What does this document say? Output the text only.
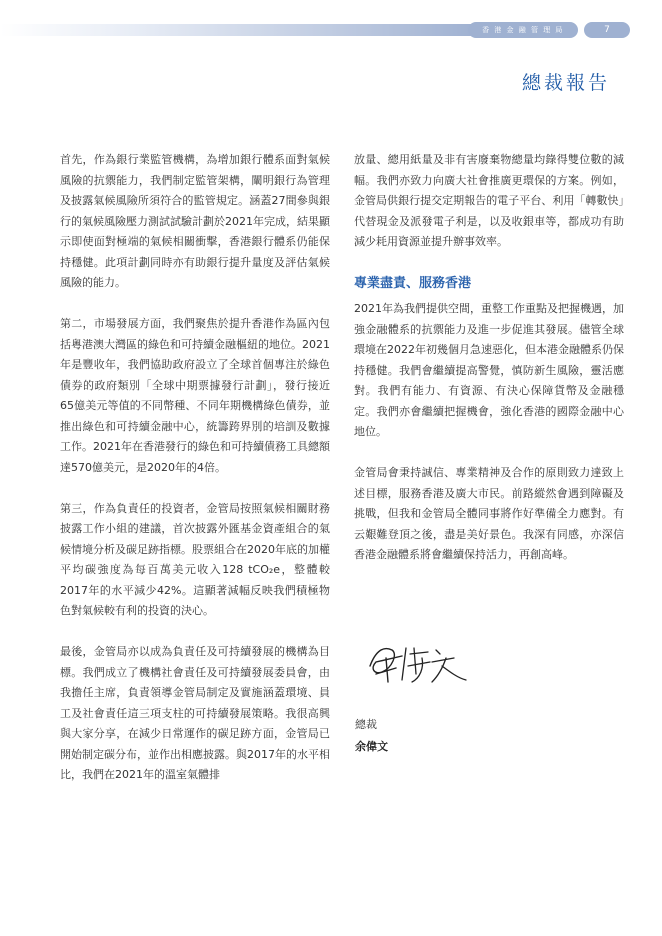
香 港 金 融 管 理 局	7
總裁報告

首先，作為銀行業監管機構，為增加銀行體系面對氣候風險的抗禦能力，我們制定監管架構，闡明銀行為管理及披露氣候風險所須符合的監管規定。涵蓋27間參與銀行的氣候風險壓力測試試驗計劃於2021年完成，結果顯示即使面對極端的氣候相關衝擊，香港銀行體系仍能保持穩健。此項計劃同時亦有助銀行提升量度及評估氣候風險的能力。

第二，市場發展方面，我們聚焦於提升香港作為區內包括粵港澳大灣區的綠色和可持續金融樞紐的地位。2021年是豐收年，我們協助政府設立了全球首個專注於綠色債券的政府類別「全球中期票據發行計劃」，發行接近65億美元等值的不同幣種、不同年期機構綠色債券，並推出綠色和可持續金融中心，統籌跨界別的培訓及數據工作。2021年在香港發行的綠色和可持續債務工具總額達570億美元，是2020年的4倍。

第三，作為負責任的投資者，金管局按照氣候相關財務披露工作小組的建議，首次披露外匯基金資產組合的氣候情境分析及碳足跡指標。股票組合在2020年底的加權平均碳強度為每百萬美元收入128 tCO₂e，整體較2017年的水平減少42%。這顯著減幅反映我們積極物色對氣候較有利的投資的決心。

最後，金管局亦以成為負責任及可持續發展的機構為目標。我們成立了機構社會責任及可持續發展委員會，由我擔任主席，負責領導金管局制定及實施涵蓋環境、員工及社會責任這三項支柱的可持續發展策略。我很高興與大家分享，在減少日常運作的碳足跡方面，金管局已開始制定碳分布，並作出相應披露。與2017年的水平相比，我們在2021年的溫室氣體排

放量、總用紙量及非有害廢棄物總量均錄得雙位數的減幅。我們亦致力向廣大社會推廣更環保的方案。例如，金管局供銀行提交定期報告的電子平台、利用「轉數快」代替現金及派發電子利是，以及收銀車等，都成功有助減少耗用資源並提升辦事效率。

專業盡責、服務香港

2021年為我們提供空間，重整工作重點及把握機遇，加強金融體系的抗禦能力及進一步促進其發展。儘管全球環境在2022年初幾個月急速惡化，但本港金融體系仍保持穩健。我們會繼續提高警覺，慎防新生風險，靈活應對。我們有能力、有資源、有決心保障貨幣及金融穩定。我們亦會繼續把握機會，強化香港的國際金融中心地位。

金管局會秉持誠信、專業精神及合作的原則致力達致上述目標，服務香港及廣大市民。前路縱然會遇到障礙及挑戰，但我和金管局全體同事將作好準備全力應對。有云艱難登頂之後，盡是美好景色。我深有同感，亦深信香港金融體系將會繼續保持活力，再創高峰。

總裁
余偉文
